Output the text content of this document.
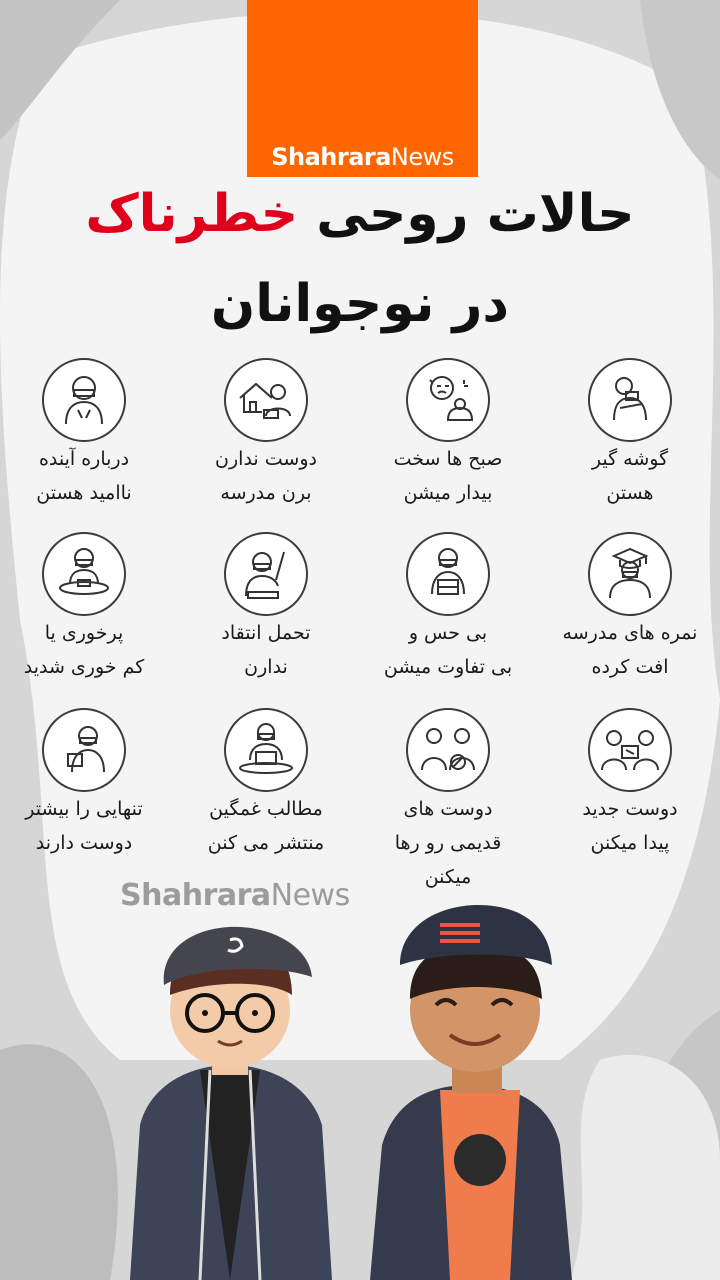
ShahraraNews
حالات روحی خطرناک
در نوجوانان
گوشه گیر
هستن
صبح ها سخت
بیدار میشن
دوست ندارن
برن مدرسه
درباره آینده
ناامید هستن
نمره های مدرسه
افت کرده
بی حس و
بی تفاوت میشن
تحمل انتقاد
ندارن
پرخوری یا
کم خوری شدید
دوست جدید
پیدا میکنن
دوست های
قدیمی رو رها
میکنن
مطالب غمگین
منتشر می کنن
تنهایی را بیشتر
دوست دارند
ShahraraNews
